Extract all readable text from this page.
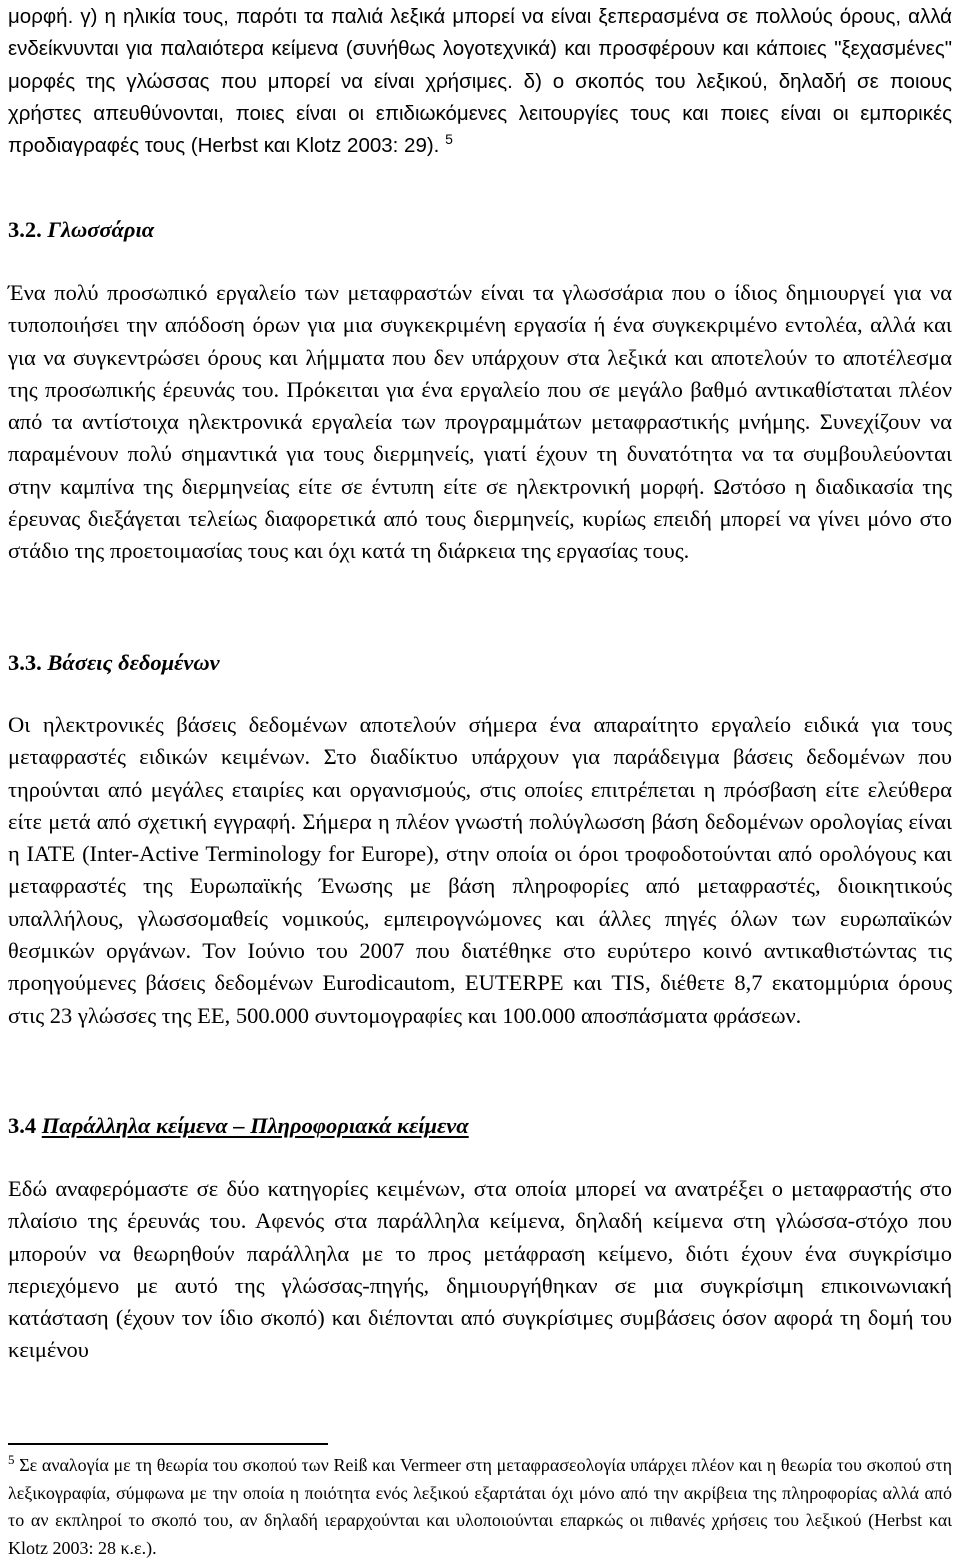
μορφή. γ) η ηλικία τους, παρότι τα παλιά λεξικά μπορεί να είναι ξεπερασμένα σε πολλούς όρους, αλλά ενδείκνυνται για παλαιότερα κείμενα (συνήθως λογοτεχνικά) και προσφέρουν και κάποιες "ξεχασμένες" μορφές της γλώσσας που μπορεί να είναι χρήσιμες. δ) ο σκοπός του λεξικού, δηλαδή σε ποιους χρήστες απευθύνονται, ποιες είναι οι επιδιωκόμενες λειτουργίες τους και ποιες είναι οι εμπορικές προδιαγραφές τους (Herbst και Klotz 2003: 29). $^5$

3.2. Γλωσσάρια

Ένα πολύ προσωπικό εργαλείο των μεταφραστών είναι τα γλωσσάρια που ο ίδιος δημιουργεί για να τυποποιήσει την απόδοση όρων για μια συγκεκριμένη εργασία ή ένα συγκεκριμένο εντολέα, αλλά και για να συγκεντρώσει όρους και λήμματα που δεν υπάρχουν στα λεξικά και αποτελούν το αποτέλεσμα της προσωπικής έρευνάς του. Πρόκειται για ένα εργαλείο που σε μεγάλο βαθμό αντικαθίσταται πλέον από τα αντίστοιχα ηλεκτρονικά εργαλεία των προγραμμάτων μεταφραστικής μνήμης. Συνεχίζουν να παραμένουν πολύ σημαντικά για τους διερμηνείς, γιατί έχουν τη δυνατότητα να τα συμβουλεύονται στην καμπίνα της διερμηνείας είτε σε έντυπη είτε σε ηλεκτρονική μορφή. Ωστόσο η διαδικασία της έρευνας διεξάγεται τελείως διαφορετικά από τους διερμηνείς, κυρίως επειδή μπορεί να γίνει μόνο στο στάδιο της προετοιμασίας τους και όχι κατά τη διάρκεια της εργασίας τους.

3.3. Βάσεις δεδομένων

Οι ηλεκτρονικές βάσεις δεδομένων αποτελούν σήμερα ένα απαραίτητο εργαλείο ειδικά για τους μεταφραστές ειδικών κειμένων. Στο διαδίκτυο υπάρχουν για παράδειγμα βάσεις δεδομένων που τηρούνται από μεγάλες εταιρίες και οργανισμούς, στις οποίες επιτρέπεται η πρόσβαση είτε ελεύθερα είτε μετά από σχετική εγγραφή. Σήμερα η πλέον γνωστή πολύγλωσση βάση δεδομένων ορολογίας είναι η IATE (Inter-Active Terminology for Europe), στην οποία οι όροι τροφοδοτούνται από ορολόγους και μεταφραστές της Ευρωπαϊκής Ένωσης με βάση πληροφορίες από μεταφραστές, διοικητικούς υπαλλήλους, γλωσσομαθείς νομικούς, εμπειρογνώμονες και άλλες πηγές όλων των ευρωπαϊκών θεσμικών οργάνων. Τον Ιούνιο του 2007 που διατέθηκε στο ευρύτερο κοινό αντικαθιστώντας τις προηγούμενες βάσεις δεδομένων Eurodicautom, EUTERPE και TIS, διέθετε 8,7 εκατομμύρια όρους στις 23 γλώσσες της ΕΕ, 500.000 συντομογραφίες και 100.000 αποσπάσματα φράσεων.

3.4 Παράλληλα κείμενα – Πληροφοριακά κείμενα

Εδώ αναφερόμαστε σε δύο κατηγορίες κειμένων, στα οποία μπορεί να ανατρέξει ο μεταφραστής στο πλαίσιο της έρευνάς του. Αφενός στα παράλληλα κείμενα, δηλαδή κείμενα στη γλώσσα-στόχο που μπορούν να θεωρηθούν παράλληλα με το προς μετάφραση κείμενο, διότι έχουν ένα συγκρίσιμο περιεχόμενο με αυτό της γλώσσας-πηγής, δημιουργήθηκαν σε μια συγκρίσιμη επικοινωνιακή κατάσταση (έχουν τον ίδιο σκοπό) και διέπονται από συγκρίσιμες συμβάσεις όσον αφορά τη δομή του κειμένου

$^5$ Σε αναλογία με τη θεωρία του σκοπού των Reiß και Vermeer στη μεταφρασεολογία υπάρχει πλέον και η θεωρία του σκοπού στη λεξικογραφία, σύμφωνα με την οποία η ποιότητα ενός λεξικού εξαρτάται όχι μόνο από την ακρίβεια της πληροφορίας αλλά από το αν εκπληροί το σκοπό του, αν δηλαδή ιεραρχούνται και υλοποιούνται επαρκώς οι πιθανές χρήσεις του λεξικού (Herbst και Klotz 2003: 28 κ.ε.).
